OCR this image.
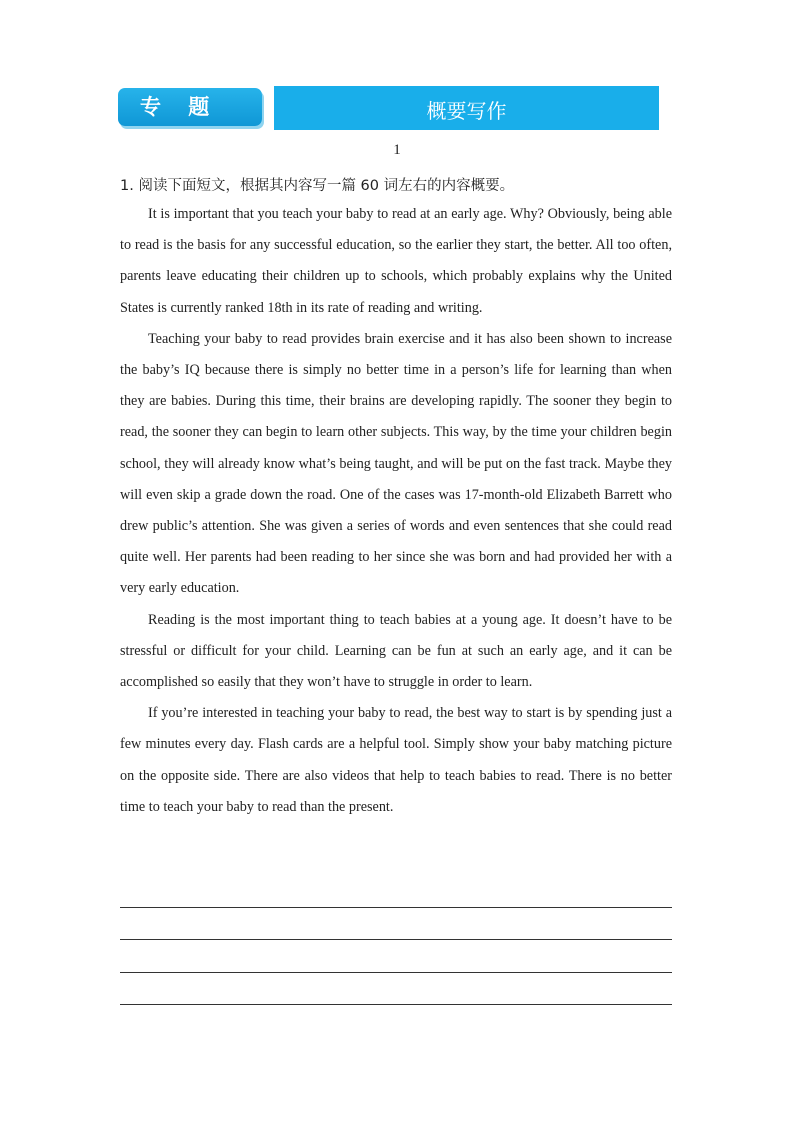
专 题 九
概要写作
1
1. 阅读下面短文，根据其内容写一篇 60 词左右的内容概要。

It is important that you teach your baby to read at an early age. Why? Obviously, being able to read is the basis for any successful education, so the earlier they start, the better. All too often, parents leave educating their children up to schools, which probably explains why the United States is currently ranked 18th in its rate of reading and writing.

Teaching your baby to read provides brain exercise and it has also been shown to increase the baby’s IQ because there is simply no better time in a person’s life for learning than when they are babies. During this time, their brains are developing rapidly. The sooner they begin to read, the sooner they can begin to learn other subjects. This way, by the time your children begin school, they will already know what’s being taught, and will be put on the fast track. Maybe they will even skip a grade down the road. One of the cases was 17-month-old Elizabeth Barrett who drew public’s attention. She was given a series of words and even sentences that she could read quite well. Her parents had been reading to her since she was born and had provided her with a very early education.

Reading is the most important thing to teach babies at a young age. It doesn’t have to be stressful or difficult for your child. Learning can be fun at such an early age, and it can be accomplished so easily that they won’t have to struggle in order to learn.

If you’re interested in teaching your baby to read, the best way to start is by spending just a few minutes every day. Flash cards are a helpful tool. Simply show your baby matching picture on the opposite side. There are also videos that help to teach babies to read. There is no better time to teach your baby to read than the present.
